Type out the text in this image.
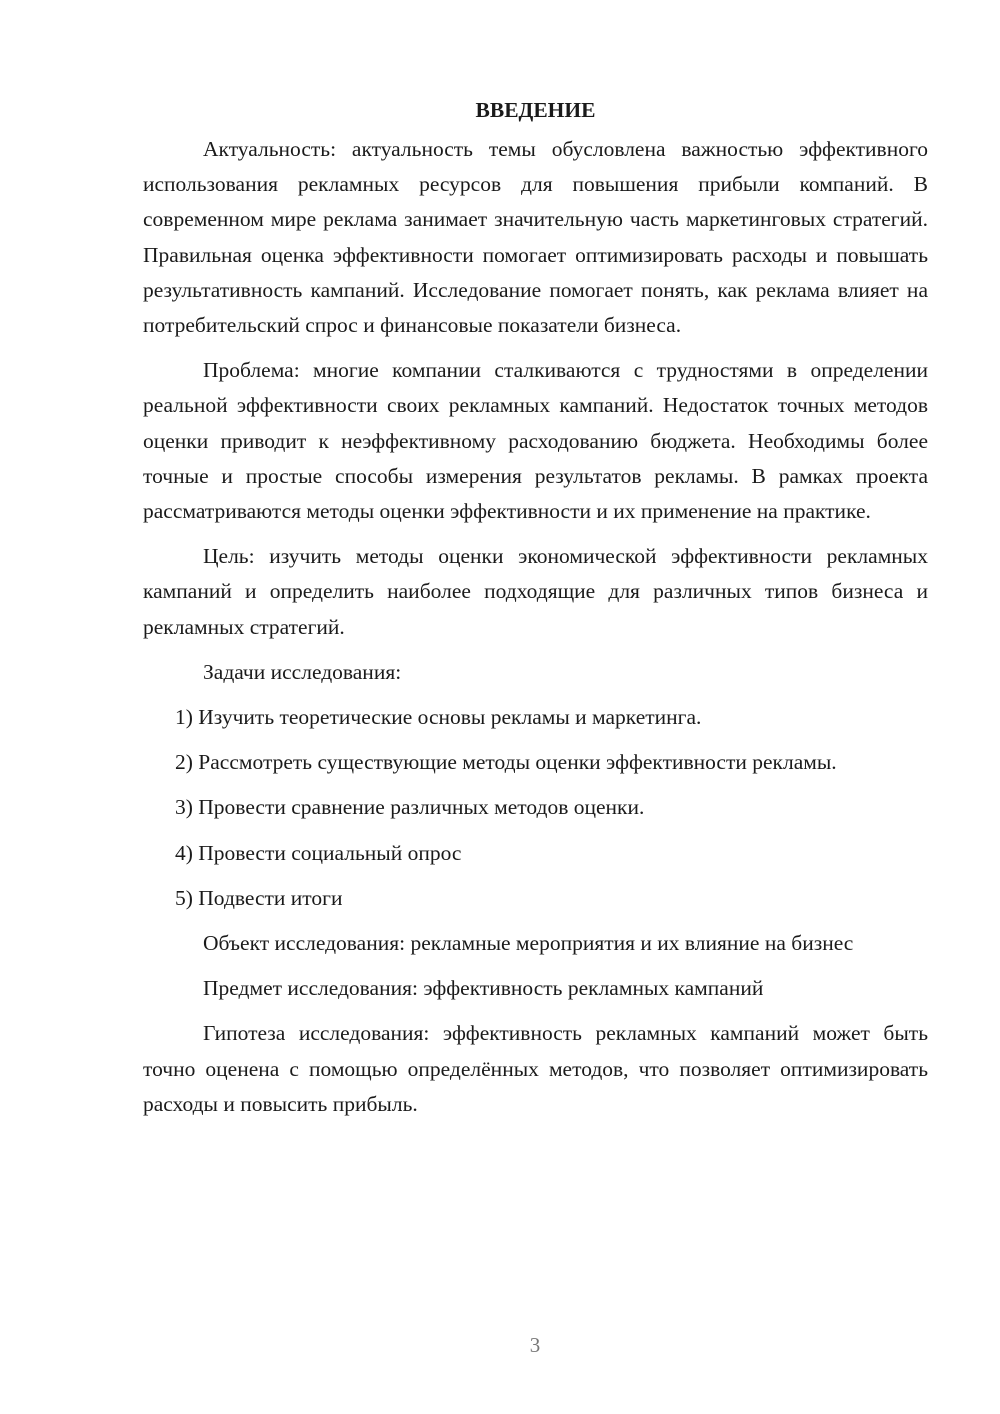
ВВЕДЕНИЕ

Актуальность: актуальность темы обусловлена важностью эффективного использования рекламных ресурсов для повышения прибыли компаний. В современном мире реклама занимает значительную часть маркетинговых стратегий. Правильная оценка эффективности помогает оптимизировать расходы и повышать результативность кампаний. Исследование помогает понять, как реклама влияет на потребительский спрос и финансовые показатели бизнеса.

Проблема: многие компании сталкиваются с трудностями в определении реальной эффективности своих рекламных кампаний. Недостаток точных методов оценки приводит к неэффективному расходованию бюджета. Необходимы более точные и простые способы измерения результатов рекламы. В рамках проекта рассматриваются методы оценки эффективности и их применение на практике.

Цель: изучить методы оценки экономической эффективности рекламных кампаний и определить наиболее подходящие для различных типов бизнеса и рекламных стратегий.

Задачи исследования:

1) Изучить теоретические основы рекламы и маркетинга.

2) Рассмотреть существующие методы оценки эффективности рекламы.

3) Провести сравнение различных методов оценки.

4) Провести социальный опрос

5) Подвести итоги

Объект исследования: рекламные мероприятия и их влияние на бизнес

Предмет исследования: эффективность рекламных кампаний

Гипотеза исследования: эффективность рекламных кампаний может быть точно оценена с помощью определённых методов, что позволяет оптимизировать расходы и повысить прибыль.

3
